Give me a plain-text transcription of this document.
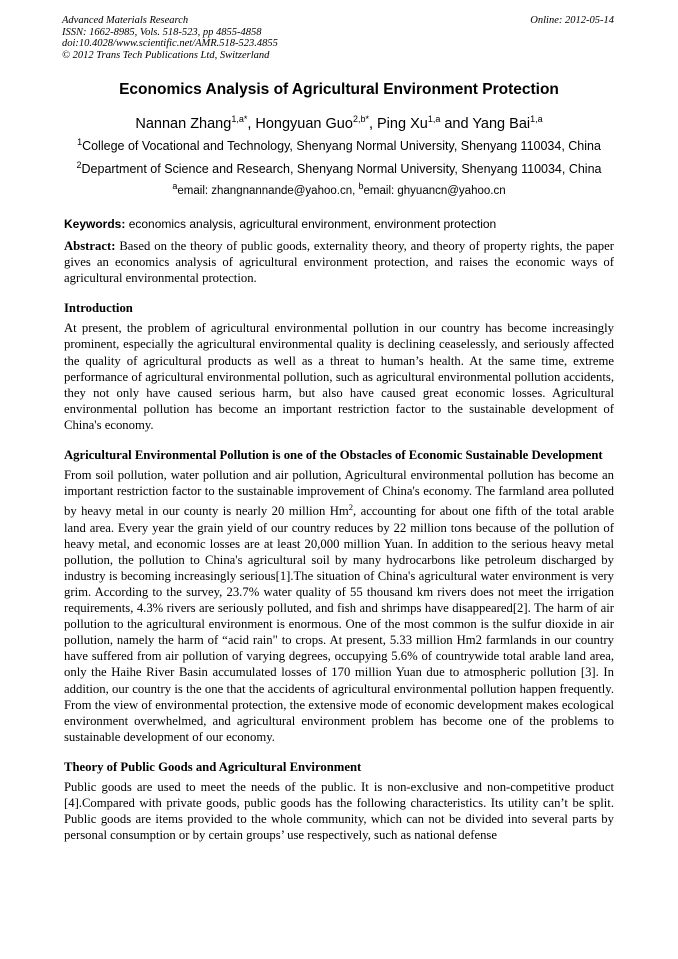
Advanced Materials Research
ISSN: 1662-8985, Vols. 518-523, pp 4855-4858
doi:10.4028/www.scientific.net/AMR.518-523.4855
© 2012 Trans Tech Publications Ltd, Switzerland
Online: 2012-05-14
Economics Analysis of Agricultural Environment Protection
Nannan Zhang$^{1,a*}$, Hongyuan Guo$^{2,b*}$, Ping Xu$^{1,a}$ and Yang Bai$^{1,a}$
$^1$College of Vocational and Technology, Shenyang Normal University, Shenyang 110034, China
$^2$Department of Science and Research, Shenyang Normal University, Shenyang 110034, China
$^a$email: zhangnannande@yahoo.cn, $^b$email: ghyuancn@yahoo.cn

Keywords: economics analysis, agricultural environment, environment protection

Abstract: Based on the theory of public goods, externality theory, and theory of property rights, the paper gives an economics analysis of agricultural environment protection, and raises the economic ways of agricultural environmental protection.

Introduction

At present, the problem of agricultural environmental pollution in our country has become increasingly prominent, especially the agricultural environmental quality is declining ceaselessly, and seriously affected the quality of agricultural products as well as a threat to human’s health. At the same time, extreme performance of agricultural environmental pollution, such as agricultural environmental pollution accidents, they not only have caused serious harm, but also have caused great economic losses. Agricultural environmental pollution has become an important restriction factor to the sustainable development of China's economy.

Agricultural Environmental Pollution is one of the Obstacles of Economic Sustainable Development

From soil pollution, water pollution and air pollution, Agricultural environmental pollution has become an important restriction factor to the sustainable improvement of China's economy. The farmland area polluted by heavy metal in our county is nearly 20 million Hm$^2$, accounting for about one fifth of the total arable land area. Every year the grain yield of our country reduces by 22 million tons because of the pollution of heavy metal, and economic losses are at least 20,000 million Yuan. In addition to the serious heavy metal pollution, the pollution to China's agricultural soil by many hydrocarbons like petroleum discharged by industry is becoming increasingly serious[1].The situation of China's agricultural water environment is very grim. According to the survey, 23.7% water quality of 55 thousand km rivers does not meet the irrigation requirements, 4.3% rivers are seriously polluted, and fish and shrimps have disappeared[2]. The harm of air pollution to the agricultural environment is enormous. One of the most common is the sulfur dioxide in air pollution, namely the harm of “acid rain" to crops. At present, 5.33 million Hm2 farmlands in our country have suffered from air pollution of varying degrees, occupying 5.6% of countrywide total arable land area, only the Haihe River Basin accumulated losses of 170 million Yuan due to atmospheric pollution [3]. In addition, our country is the one that the accidents of agricultural environmental pollution happen frequently. From the view of environmental protection, the extensive mode of economic development makes ecological environment overwhelmed, and agricultural environment problem has become one of the problems to sustainable development of our economy.

Theory of Public Goods and Agricultural Environment

Public goods are used to meet the needs of the public. It is non-exclusive and non-competitive product [4].Compared with private goods, public goods has the following characteristics. Its utility can’t be split. Public goods are items provided to the whole community, which can not be divided into several parts by personal consumption or by certain groups’ use respectively, such as national defense
